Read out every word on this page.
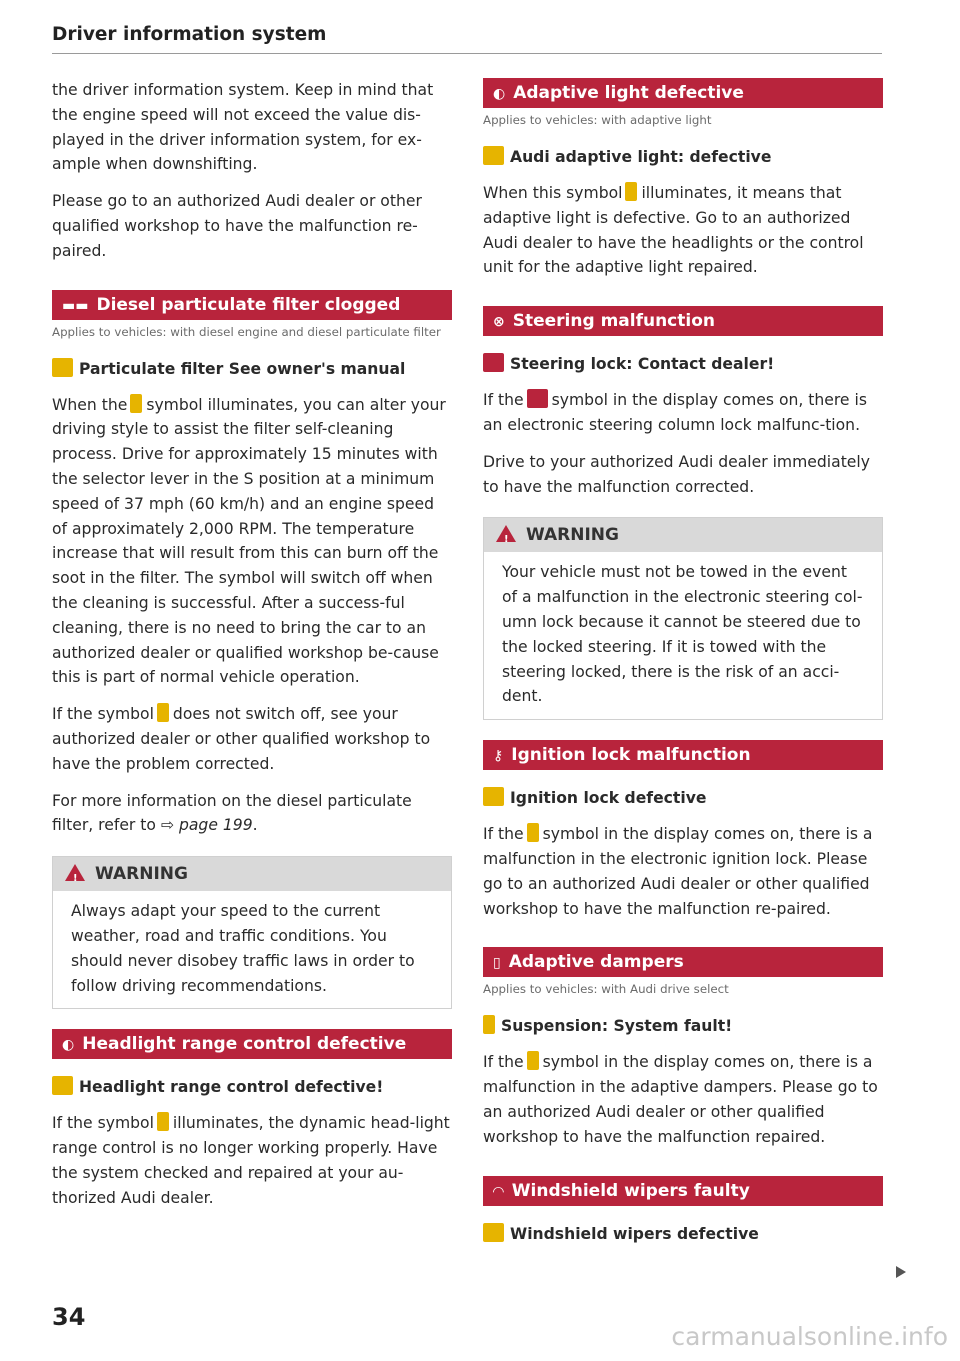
Driver information system

the driver information system. Keep in mind that the engine speed will not exceed the value dis-played in the driver information system, for ex-ample when downshifting.

Please go to an authorized Audi dealer or other qualified workshop to have the malfunction re-paired.

▬▬ Diesel particulate filter clogged
Applies to vehicles: with diesel engine and diesel particulate filter
Particulate filter See owner's manual

When the symbol illuminates, you can alter your driving style to assist the filter self-cleaning process. Drive for approximately 15 minutes with the selector lever in the S position at a minimum speed of 37 mph (60 km/h) and an engine speed of approximately 2,000 RPM. The temperature increase that will result from this can burn off the soot in the filter. The symbol will switch off when the cleaning is successful. After a success-ful cleaning, there is no need to bring the car to an authorized dealer or qualified workshop be-cause this is part of normal vehicle operation.

If the symbol does not switch off, see your authorized dealer or other qualified workshop to have the problem corrected.

For more information on the diesel particulate filter, refer to ⇨ page 199.

!WARNING
Always adapt your speed to the current weather, road and traffic conditions. You should never disobey traffic laws in order to follow driving recommendations.
◐ Headlight range control defective
Headlight range control defective!

If the symbol illuminates, the dynamic head-light range control is no longer working properly. Have the system checked and repaired at your au-thorized Audi dealer.

◐ Adaptive light defective
Applies to vehicles: with adaptive light
Audi adaptive light: defective

When this symbol illuminates, it means that adaptive light is defective. Go to an authorized Audi dealer to have the headlights or the control unit for the adaptive light repaired.

⊗ Steering malfunction
Steering lock: Contact dealer!

If the symbol in the display comes on, there is an electronic steering column lock malfunc-tion.

Drive to your authorized Audi dealer immediately to have the malfunction corrected.

!WARNING
Your vehicle must not be towed in the event of a malfunction in the electronic steering col-umn lock because it cannot be steered due to the locked steering. If it is towed with the steering locked, there is the risk of an acci-dent.
⚷ Ignition lock malfunction
Ignition lock defective

If the symbol in the display comes on, there is a malfunction in the electronic ignition lock. Please go to an authorized Audi dealer or other qualified workshop to have the malfunction re-paired.

▯ Adaptive dampers
Applies to vehicles: with Audi drive select
Suspension: System fault!

If the symbol in the display comes on, there is a malfunction in the adaptive dampers. Please go to an authorized Audi dealer or other qualified workshop to have the malfunction repaired.

◠ Windshield wipers faulty
Windshield wipers defective
34
carmanualsonline.info
